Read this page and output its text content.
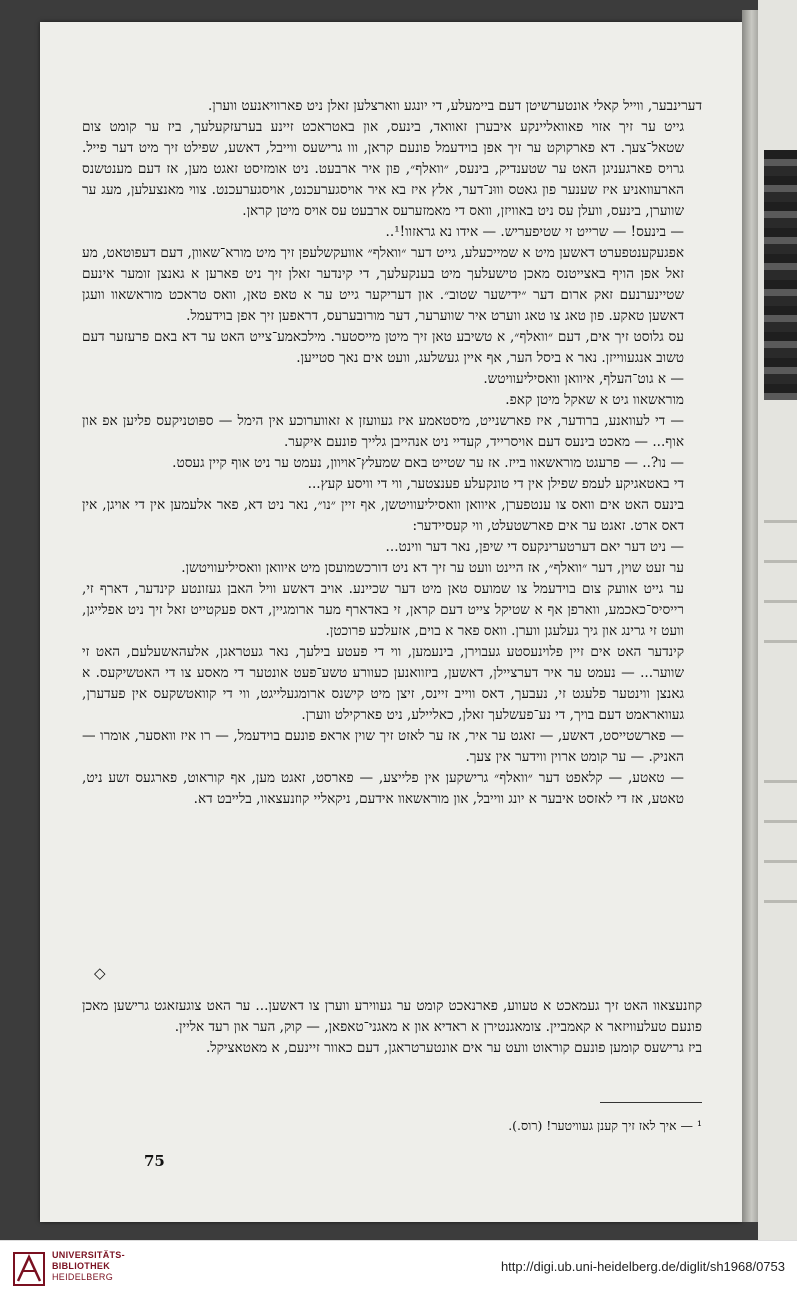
דערינבער, ווייל קאלי אונטערשיטן דעם ביימעלע, די יונגע ווארצלען זאלן ניט פארוויאנעט ווערן.

גייט ער זיך אזוי פאוואליינקע איבערן זאוואד, בינעס, און באטראכט זיינע בערעזקעלעך, ביז ער קומט צום שטאל־צעך. דא פארקוקט ער זיך אפן בוידעמל פונעם קראן, ווו גרישעס ווייבל, דאשע, שפילט זיך מיט דער פייל. גרויס פארגעניגן האט ער שטענדיק, בינעס, ״וואלף״, פון איר ארבעט. ניט אומזיסט זאגט מען, אז דעם מענטשנס הארעוואניע איז שענער פון גאטס וווּנ־דער, אלץ איז בא איר אויסגערעכנט, אויסגערעכנט. צווי מאנצעלען, מעג ער שווערן, בינעס, וועלן עס ניט באוויזן, וואס די מאמזערעס ארבעט עס אויס מיטן קראן.

— בינעס! — שרייט זי שטיפעריש. — אידו נא גראזוו!¹..

אפגעקענטפערט דאשען מיט א שמייכעלע, גייט דער ״וואלף״ אוועקשלעפן זיך מיט מורא־שאוון, דעם דעפוטאט, מע זאל אפן הויף באצייטנס מאכן טישעלעך מיט בענקעלעך, די קינדער זאלן זיך ניט פארען א גאנצן זומער אינעם שטיינערנעם זאק ארום דער ״ידישער שטוב״. און דעריקער גייט ער א טאפ טאן, וואס טראכט מוראשאוו וועגן דאשען טאקע. פון טאג צו טאג ווערט איר שווערער, דער מורובערעס, דראפען זיך אפן בוידעמל.

עס גלוסט זיך אים, דעם ״וואלף״, א טשיבע טאן זיך מיטן מייסטער. מילכאמע־צייט האט ער דא באם פרעזער דעם טשוב אנגעווייזן. נאר א ביסל הער, אף איין געשלעג, וועט אים נאך סטייען.

— א גוט־העלף, איוואן וואסיליעוויטש.

מוראשאוו גיט א שאקל מיטן קאפ.

— די לעוואנע, ברודער, איז פארשנייט, מיסטאמע איז געוועזן א זאווערוכע אין הימל — ספּוטניקעס פליען אפ און אוף... — מאכט בינעס דעם אויסרייד, קעדיי ניט אנהייבן גלייך פונעם איקער.

— נו?.. — פרעגט מוראשאוו בייז. אז ער שטייט באם שמעלץ־אויוון, נעמט ער ניט אוף קיין געסט.

די באטאגיקע לעמפ שפילן אין די טונקעלע פענצטער, ווי די וויסע קעץ...

בינעס האט אים וואס צו ענטפערן, איוואן וואסיליעוויטשן, אף זיין ״נו״, נאר ניט דא, פאר אלעמען אין די אויגן, אין דאס ארט. זאגט ער אים פארשטעלט, ווי קעסיידער:

— ניט דער יאם דערטערינקעס די שיפן, נאר דער ווינט...

ער זעט שוין, דער ״וואלף״, אז היינט וועט ער זיך דא ניט דורכשמועסן מיט איוואן וואסיליעוויטשן.

ער גייט אוועק צום בוידעמל צו שמועס טאן מיט דער שכיינע. אויב דאשע וויל האבן געזונטע קינדער, דארף זי, רייסיס־כאכמע, ווארפן אף א שטיקל צייט דעם קראן, זי באדארף מער ארומגיין, דאס פעקטייט זאל זיך ניט אפלייגן, וועט זי גרינג און גיך געלעגן ווערן. וואס פאר א בוים, אזעלכע פרוכטן.

קינדער האט אים זיין פלוינעסטע געבוירן, בינעמען, ווי די פעטע בילעך, נאר געטראגן, אלעהאשעלעם, האט זי שווער... — נעמט ער איר דערציילן, דאשען, ביזוואנען כעוורע טשע־פעט אונטער די מאסע צו די האטשיקעס. א גאנצן ווינטער פלעגט זי, נעבעך, דאס ווייב זיינס, זיצן מיט קישנס ארומגעלייגט, ווי די קוואטשקעס אין פעדערן, געוואראמט דעם בויך, די נע־פעשלעך זאלן, כאליילע, ניט פארקילט ווערן.

— פארשטייסט, דאשע, — זאגט ער איר, אז ער לאזט זיך שוין אראפ פונעם בוידעמל, — רו איז וואסער, אומרו —האניק. — ער קומט ארוין ווידער אין צעך.

— טאטע, — קלאפט דער ״וואלף״ גרישקען אין פלייצע, — פארסט, זאגט מען, אף קוראוט, פארגעס זשע ניט, טאטע, אז די לאזסט איבער א יונג ווייבל, און מוראשאוו אידעם, ניקאליי קוזנעצאוו, בלייבט דא.

◇

קוזנעצאוו האט זיך געמאכט א טעווע, פארנאכט קומט ער געווירע ווערן צו דאשען... ער האט צוגעזאגט גרישען מאכן פונעם טעלעוויזאר א קאמביין. צומאגנטירן א ראדיא און א מאגני־טאפאן, — קוק, הער און רעד אליין.

ביז גרישעס קומען פונעם קוראוט וועט ער אים אונטערטראגן, דעם כאוור זיינעם, א מאטאציקל.

¹ — איך לאז זיך קענן געוויטער! (רוס.).
75
UNIVERSITÄTS-
BIBLIOTHEK
HEIDELBERG
http://digi.ub.uni-heidelberg.de/diglit/sh1968/0753
